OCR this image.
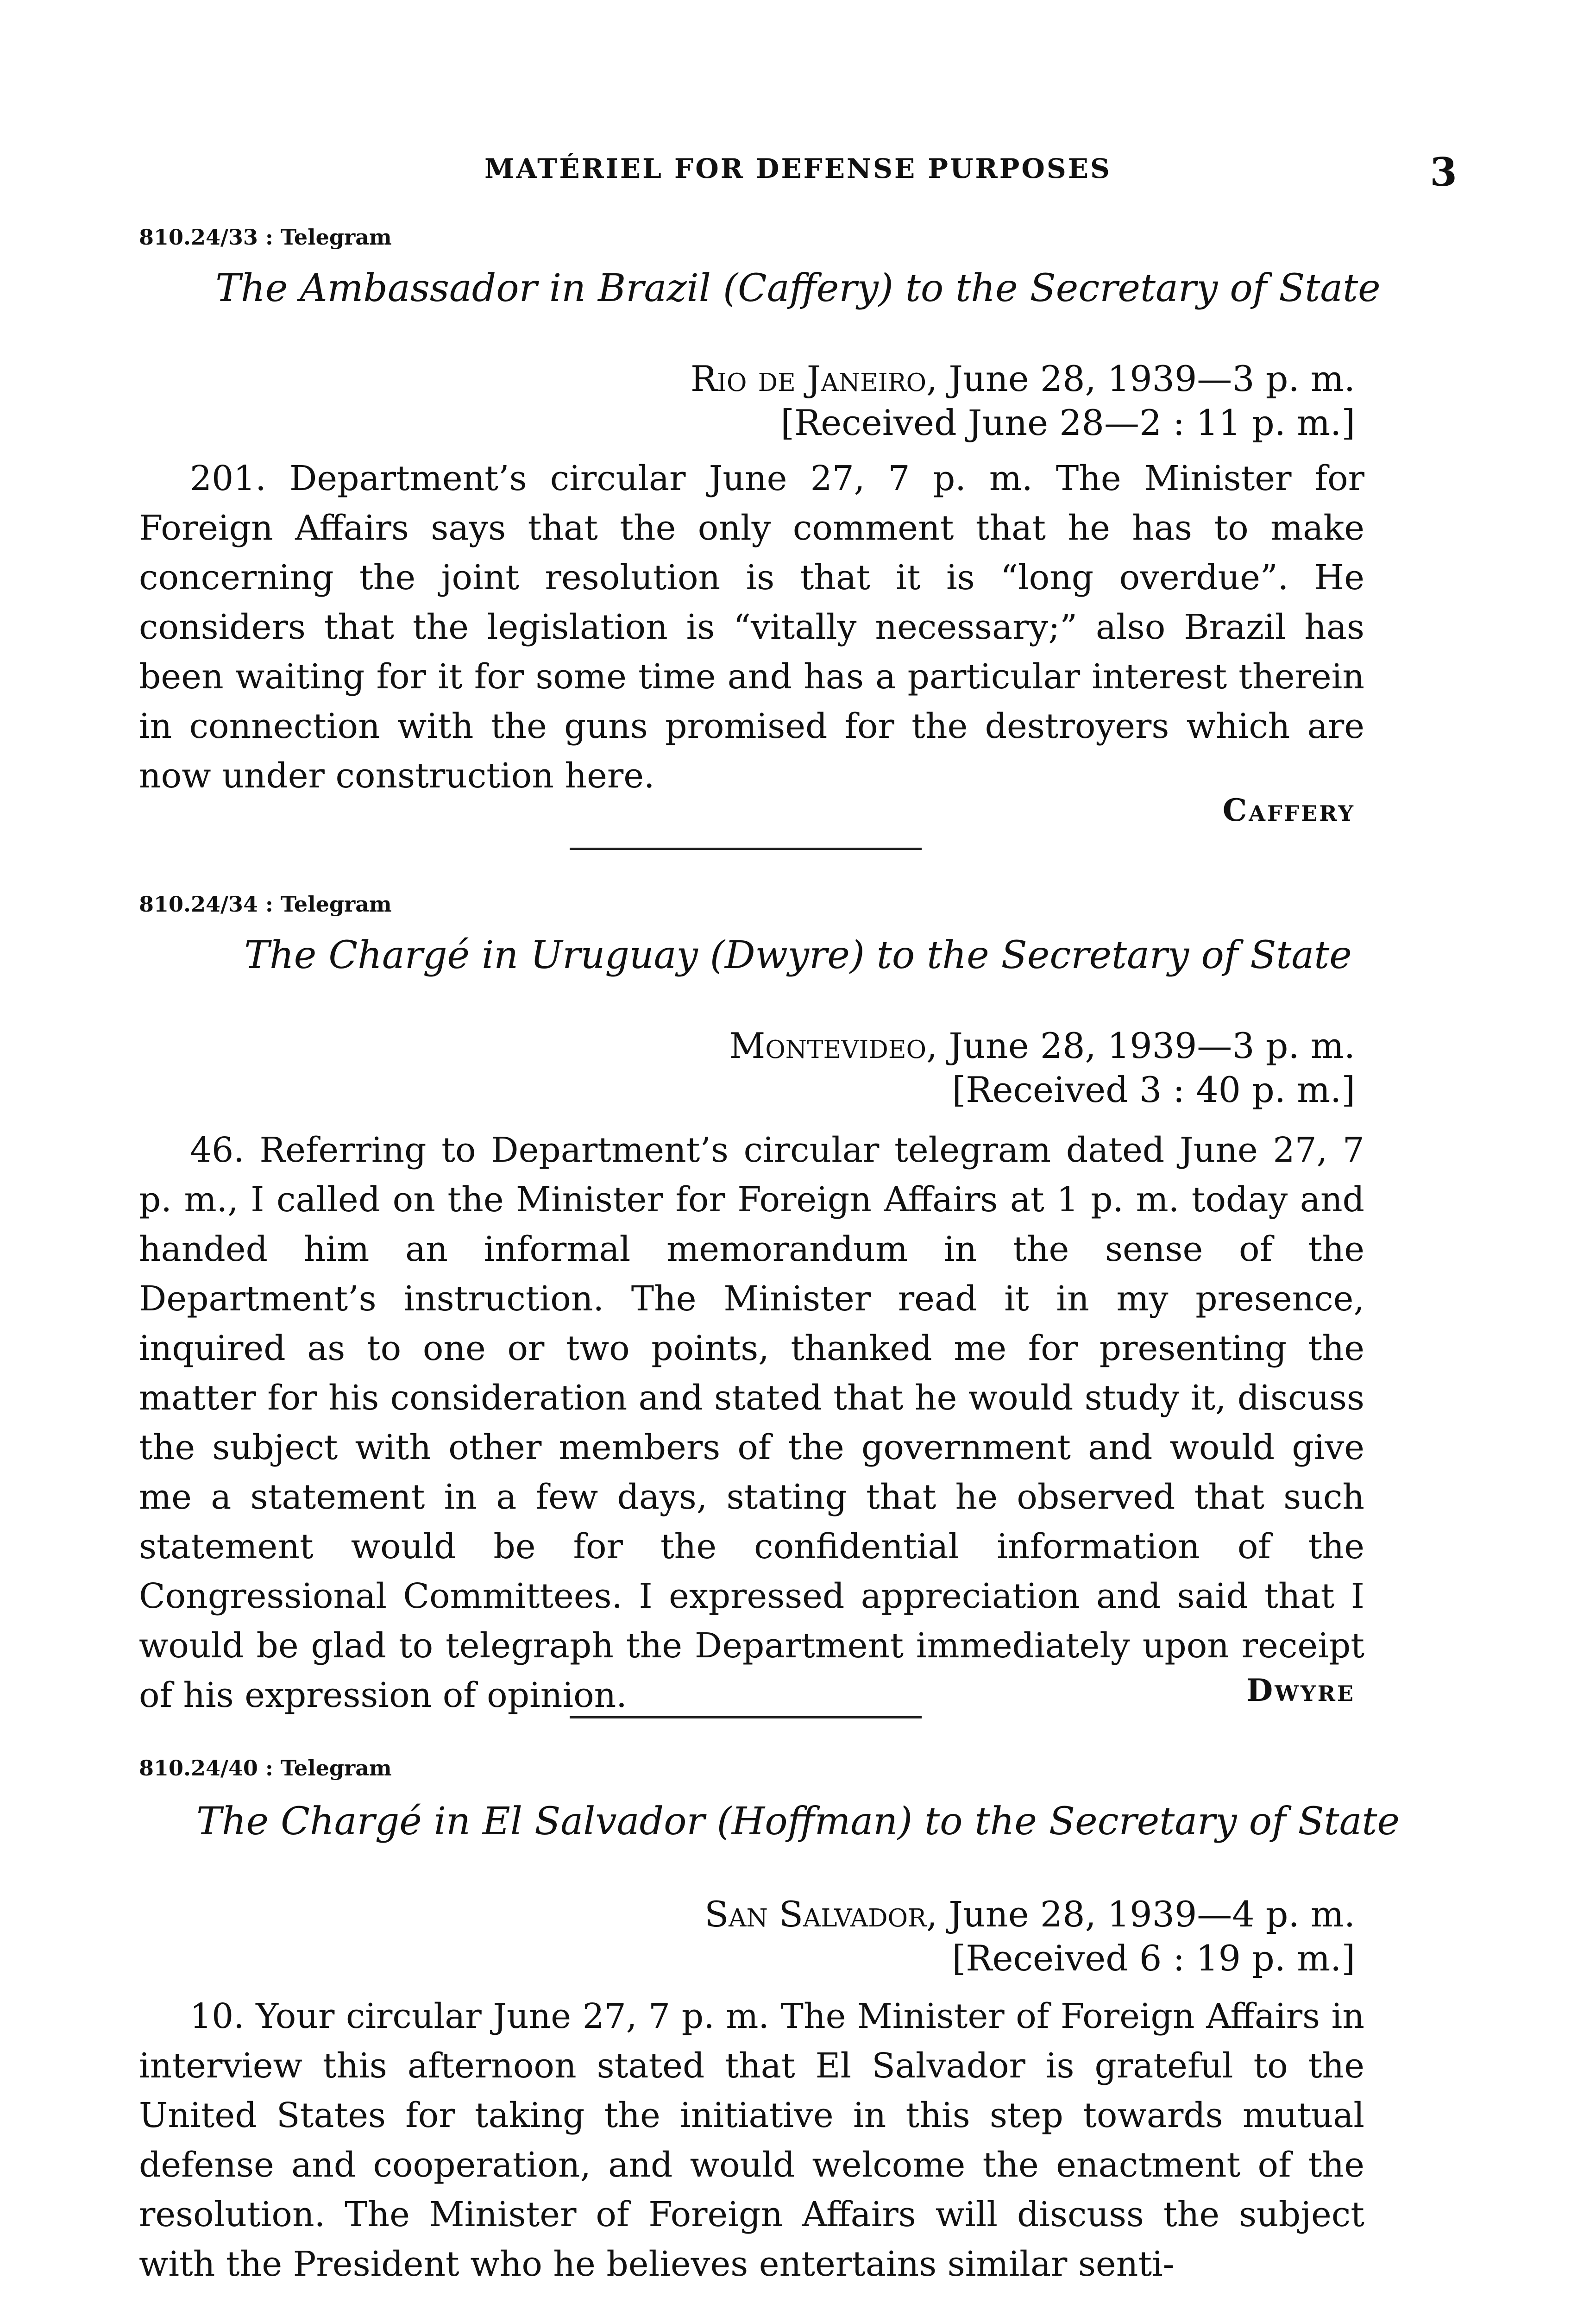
MATÉRIEL FOR DEFENSE PURPOSES	3
810.24/33 : Telegram
The Ambassador in Brazil (Caffery) to the Secretary of State
Rio de Janeiro, June 28, 1939—3 p. m.
[Received June 28—2 : 11 p. m.]
201. Department’s circular June 27, 7 p. m. The Minister for Foreign Affairs says that the only comment that he has to make concerning the joint resolution is that it is “long overdue”. He considers that the legislation is “vitally necessary;” also Brazil has been waiting for it for some time and has a particular interest therein in connection with the guns promised for the destroyers which are now under construction here.
Caffery
810.24/34 : Telegram
The Chargé in Uruguay (Dwyre) to the Secretary of State
Montevideo, June 28, 1939—3 p. m.
[Received 3 : 40 p. m.]
46. Referring to Department’s circular telegram dated June 27, 7 p. m., I called on the Minister for Foreign Affairs at 1 p. m. today and handed him an informal memorandum in the sense of the Department’s instruction. The Minister read it in my presence, inquired as to one or two points, thanked me for presenting the matter for his consideration and stated that he would study it, discuss the subject with other members of the government and would give me a statement in a few days, stating that he observed that such statement would be for the confidential information of the Congressional Committees. I expressed appreciation and said that I would be glad to telegraph the Department immediately upon receipt of his expression of opinion.	Dwyre
810.24/40 : Telegram
The Chargé in El Salvador (Hoffman) to the Secretary of State
San Salvador, June 28, 1939—4 p. m.
[Received 6 : 19 p. m.]
10. Your circular June 27, 7 p. m. The Minister of Foreign Affairs in interview this afternoon stated that El Salvador is grateful to the United States for taking the initiative in this step towards mutual defense and cooperation, and would welcome the enactment of the resolution. The Minister of Foreign Affairs will discuss the subject with the President who he believes entertains similar senti-
